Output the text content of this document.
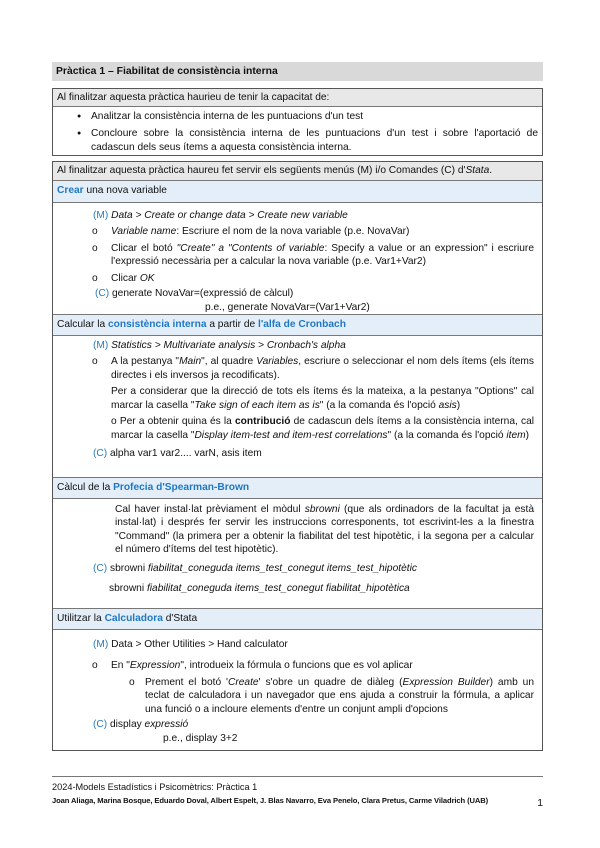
Pràctica 1 – Fiabilitat de consistència interna
Al finalitzar aquesta pràctica haurieu de tenir la capacitat de:
● Analitzar la consistència interna de les puntuacions d'un test
● Concloure sobre la consistència interna de les puntuacions d'un test i sobre l'aportació de cadascun dels seus ítems a aquesta consistència interna.
Al finalitzar aquesta pràctica haureu fet servir els següents menús (M) i/o Comandes (C) d'Stata.
Crear una nova variable
(M) Data > Create or change data > Create new variable
o Variable name: Escriure el nom de la nova variable (p.e. NovaVar)
o Clicar el botó "Create" a "Contents of variable: Specify a value or an expression" i escriure l'expressió necessària per a calcular la nova variable (p.e. Var1+Var2)
o Clicar OK
(C) generate NovaVar=(expressió de càlcul)
p.e., generate NovaVar=(Var1+Var2)
Calcular la consistència interna a partir de l'alfa de Cronbach
(M) Statistics > Multivariate analysis > Cronbach's alpha
o A la pestanya "Main", al quadre Variables, escriure o seleccionar el nom dels ítems (els ítems directes i els inversos ja recodificats).
Per a considerar que la direcció de tots els ítems és la mateixa, a la pestanya "Options" cal marcar la casella "Take sign of each item as is" (a la comanda és l'opció asis)
o Per a obtenir quina és la contribució de cadascun dels ítems a la consistència interna, cal marcar la casella "Display item-test and item-rest correlations" (a la comanda és l'opció item)
(C) alpha var1 var2.... varN, asis item
Càlcul de la Profecia d'Spearman-Brown
Cal haver instal·lat prèviament el mòdul sbrowni (que als ordinadors de la facultat ja està instal·lat) i després fer servir les instruccions corresponents, tot escrivint-les a la finestra "Command" (la primera per a obtenir la fiabilitat del test hipotètic, i la segona per a calcular el número d'ítems del test hipotètic).
(C) sbrowni fiabilitat_coneguda items_test_conegut items_test_hipotètic
sbrowni fiabilitat_coneguda items_test_conegut fiabilitat_hipotètica
Utilitzar la Calculadora d'Stata
(M) Data > Other Utilities > Hand calculator
o En "Expression", introdueix la fórmula o funcions que es vol aplicar
o Prement el botó 'Create' s'obre un quadre de diàleg (Expression Builder) amb un teclat de calculadora i un navegador que ens ajuda a construir la fórmula, a aplicar una funció o a incloure elements d'entre un conjunt ampli d'opcions
(C) display expressió
p.e., display 3+2
2024-Models Estadístics i Psicomètrics: Pràctica 1
Joan Aliaga, Marina Bosque, Eduardo Doval, Albert Espelt, J. Blas Navarro, Eva Penelo, Clara Pretus, Carme Viladrich (UAB)	1
